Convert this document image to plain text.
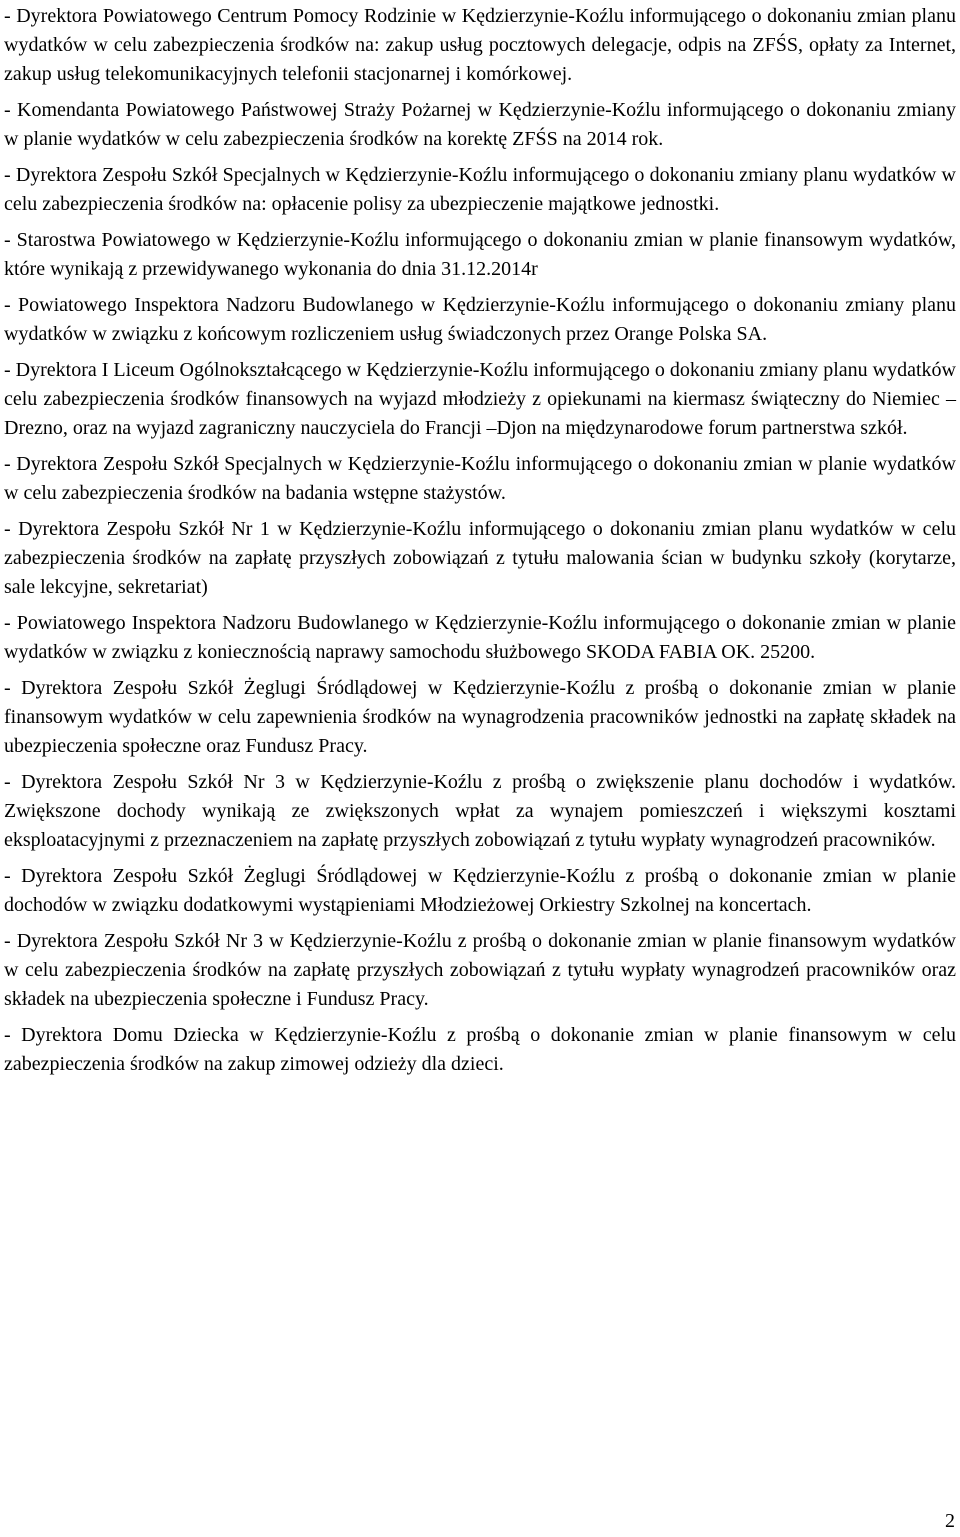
- Dyrektora Powiatowego Centrum Pomocy Rodzinie w Kędzierzynie-Koźlu informującego o dokonaniu zmian planu wydatków w celu zabezpieczenia środków na: zakup usług pocztowych delegacje, odpis na ZFŚS, opłaty za Internet, zakup usług telekomunikacyjnych telefonii stacjonarnej i komórkowej.

- Komendanta Powiatowego Państwowej Straży Pożarnej w Kędzierzynie-Koźlu informującego o dokonaniu zmiany w planie wydatków w celu zabezpieczenia środków na korektę ZFŚS na 2014 rok.

- Dyrektora Zespołu Szkół Specjalnych w Kędzierzynie-Koźlu informującego o dokonaniu zmiany planu wydatków w celu zabezpieczenia środków na: opłacenie polisy za ubezpieczenie majątkowe jednostki.

- Starostwa Powiatowego w Kędzierzynie-Koźlu informującego o dokonaniu zmian w planie finansowym wydatków, które wynikają z przewidywanego wykonania do dnia 31.12.2014r

- Powiatowego Inspektora Nadzoru Budowlanego w Kędzierzynie-Koźlu informującego o dokonaniu zmiany planu wydatków w związku z końcowym rozliczeniem usług świadczonych przez Orange Polska SA.

- Dyrektora I Liceum Ogólnokształcącego w Kędzierzynie-Koźlu informującego o dokonaniu zmiany planu wydatków celu zabezpieczenia środków finansowych na wyjazd młodzieży z opiekunami na kiermasz świąteczny do Niemiec –Drezno, oraz na wyjazd zagraniczny nauczyciela do Francji –Djon na międzynarodowe forum partnerstwa szkół.

- Dyrektora Zespołu Szkół Specjalnych w Kędzierzynie-Koźlu informującego o dokonaniu zmian w planie wydatków w celu zabezpieczenia środków na badania wstępne stażystów.

- Dyrektora Zespołu Szkół Nr 1 w Kędzierzynie-Koźlu informującego o dokonaniu zmian planu wydatków w celu zabezpieczenia środków na zapłatę przyszłych zobowiązań z tytułu malowania ścian w budynku szkoły (korytarze, sale lekcyjne, sekretariat)

- Powiatowego Inspektora Nadzoru Budowlanego w Kędzierzynie-Koźlu informującego o dokonanie zmian w planie wydatków w związku z koniecznością naprawy samochodu służbowego SKODA FABIA OK. 25200.

- Dyrektora Zespołu Szkół Żeglugi Śródlądowej w Kędzierzynie-Koźlu z prośbą o dokonanie zmian w planie finansowym wydatków w celu zapewnienia środków na wynagrodzenia pracowników jednostki na zapłatę składek na ubezpieczenia społeczne oraz Fundusz Pracy.

- Dyrektora Zespołu Szkół Nr 3 w Kędzierzynie-Koźlu z prośbą o zwiększenie planu dochodów i wydatków. Zwiększone dochody wynikają ze zwiększonych wpłat za wynajem pomieszczeń i większymi kosztami eksploatacyjnymi z przeznaczeniem na zapłatę przyszłych zobowiązań z tytułu wypłaty wynagrodzeń pracowników.

- Dyrektora Zespołu Szkół Żeglugi Śródlądowej w Kędzierzynie-Koźlu z prośbą o dokonanie zmian w planie dochodów w związku dodatkowymi wystąpieniami Młodzieżowej Orkiestry Szkolnej na koncertach.

- Dyrektora Zespołu Szkół Nr 3 w Kędzierzynie-Koźlu z prośbą o dokonanie zmian w planie finansowym wydatków w celu zabezpieczenia środków na zapłatę przyszłych zobowiązań z tytułu wypłaty wynagrodzeń pracowników oraz składek na ubezpieczenia społeczne i Fundusz Pracy.

- Dyrektora Domu Dziecka w Kędzierzynie-Koźlu z prośbą o dokonanie zmian w planie finansowym w celu zabezpieczenia środków na zakup zimowej odzieży dla dzieci.

2
